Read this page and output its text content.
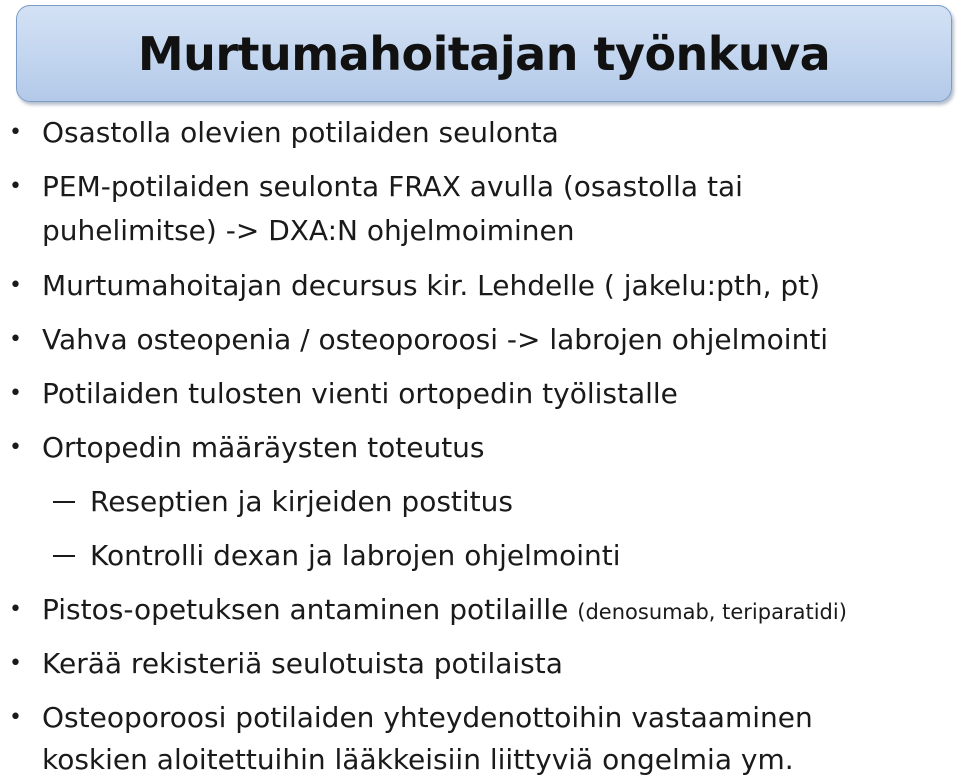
Murtumahoitajan työnkuva
• Osastolla olevien potilaiden seulonta
• PEM-potilaiden seulonta FRAX avulla (osastolla tai
puhelimitse) -> DXA:N ohjelmoiminen
• Murtumahoitajan decursus kir. Lehdelle ( jakelu:pth, pt)
• Vahva osteopenia / osteoporoosi -> labrojen ohjelmointi
• Potilaiden tulosten vienti ortopedin työlistalle
• Ortopedin määräysten toteutus
Reseptien ja kirjeiden postitus
Kontrolli dexan ja labrojen ohjelmointi
• Pistos-opetuksen antaminen potilaille (denosumab, teriparatidi)
• Kerää rekisteriä seulotuista potilaista
• Osteoporoosi potilaiden yhteydenottoihin vastaaminen
koskien aloitettuihin lääkkeisiin liittyviä ongelmia ym.
